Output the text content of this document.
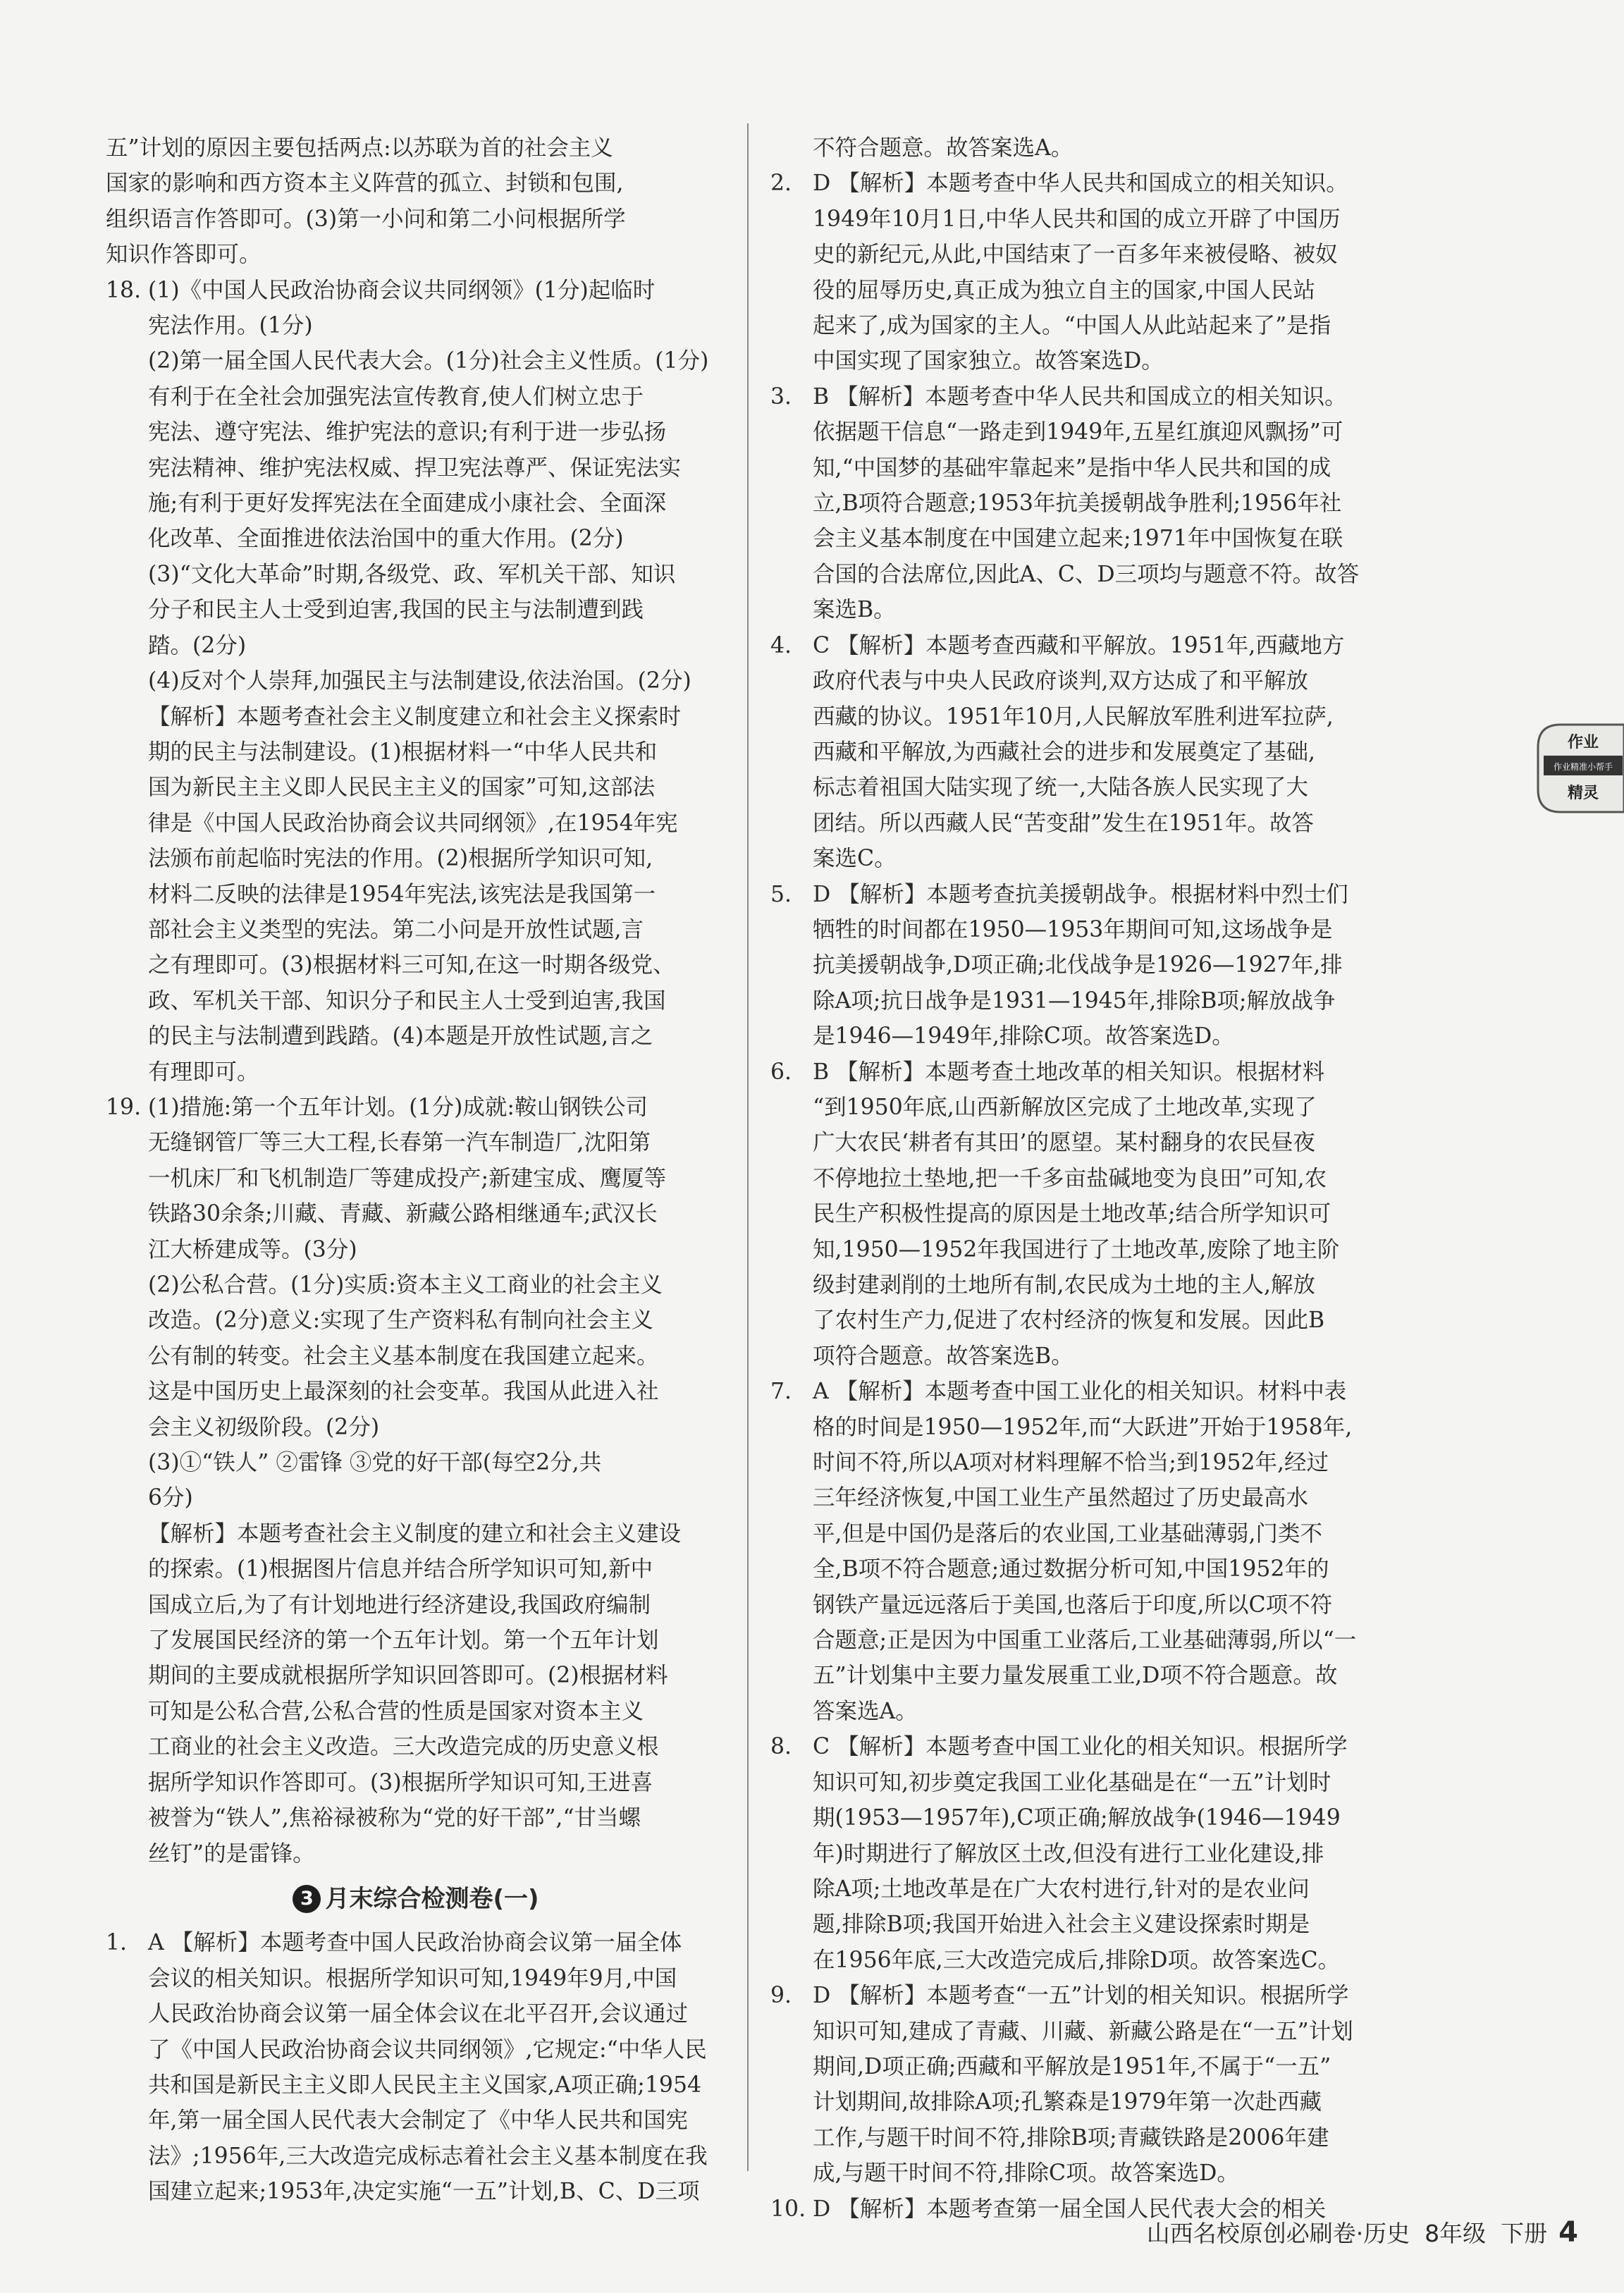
五”计划的原因主要包括两点:以苏联为首的社会主义

国家的影响和西方资本主义阵营的孤立、封锁和包围,

组织语言作答即可。(3)第一小问和第二小问根据所学

知识作答即可。

18. (1)《中国人民政治协商会议共同纲领》(1分)起临时

宪法作用。(1分)

(2)第一届全国人民代表大会。(1分)社会主义性质。(1分)

有利于在全社会加强宪法宣传教育,使人们树立忠于

宪法、遵守宪法、维护宪法的意识;有利于进一步弘扬

宪法精神、维护宪法权威、捍卫宪法尊严、保证宪法实

施;有利于更好发挥宪法在全面建成小康社会、全面深

化改革、全面推进依法治国中的重大作用。(2分)

(3)“文化大革命”时期,各级党、政、军机关干部、知识

分子和民主人士受到迫害,我国的民主与法制遭到践

踏。(2分)

(4)反对个人崇拜,加强民主与法制建设,依法治国。(2分)

【解析】本题考查社会主义制度建立和社会主义探索时

期的民主与法制建设。(1)根据材料一“中华人民共和

国为新民主主义即人民民主主义的国家”可知,这部法

律是《中国人民政治协商会议共同纲领》,在1954年宪

法颁布前起临时宪法的作用。(2)根据所学知识可知,

材料二反映的法律是1954年宪法,该宪法是我国第一

部社会主义类型的宪法。第二小问是开放性试题,言

之有理即可。(3)根据材料三可知,在这一时期各级党、

政、军机关干部、知识分子和民主人士受到迫害,我国

的民主与法制遭到践踏。(4)本题是开放性试题,言之

有理即可。

19. (1)措施:第一个五年计划。(1分)成就:鞍山钢铁公司

无缝钢管厂等三大工程,长春第一汽车制造厂,沈阳第

一机床厂和飞机制造厂等建成投产;新建宝成、鹰厦等

铁路30余条;川藏、青藏、新藏公路相继通车;武汉长

江大桥建成等。(3分)

(2)公私合营。(1分)实质:资本主义工商业的社会主义

改造。(2分)意义:实现了生产资料私有制向社会主义

公有制的转变。社会主义基本制度在我国建立起来。

这是中国历史上最深刻的社会变革。我国从此进入社

会主义初级阶段。(2分)

(3)①“铁人” ②雷锋 ③党的好干部(每空2分,共

6分)

【解析】本题考查社会主义制度的建立和社会主义建设

的探索。(1)根据图片信息并结合所学知识可知,新中

国成立后,为了有计划地进行经济建设,我国政府编制

了发展国民经济的第一个五年计划。第一个五年计划

期间的主要成就根据所学知识回答即可。(2)根据材料

可知是公私合营,公私合营的性质是国家对资本主义

工商业的社会主义改造。三大改造完成的历史意义根

据所学知识作答即可。(3)根据所学知识可知,王进喜

被誉为“铁人”,焦裕禄被称为“党的好干部”,“甘当螺

丝钉”的是雷锋。

3 月末综合检测卷(一)
1. A 【解析】本题考查中国人民政治协商会议第一届全体

会议的相关知识。根据所学知识可知,1949年9月,中国

人民政治协商会议第一届全体会议在北平召开,会议通过

了《中国人民政治协商会议共同纲领》,它规定:“中华人民

共和国是新民主主义即人民民主主义国家,A项正确;1954

年,第一届全国人民代表大会制定了《中华人民共和国宪

法》;1956年,三大改造完成标志着社会主义基本制度在我

国建立起来;1953年,决定实施“一五”计划,B、C、D三项

不符合题意。故答案选A。

2. D 【解析】本题考查中华人民共和国成立的相关知识。

1949年10月1日,中华人民共和国的成立开辟了中国历

史的新纪元,从此,中国结束了一百多年来被侵略、被奴

役的屈辱历史,真正成为独立自主的国家,中国人民站

起来了,成为国家的主人。“中国人从此站起来了”是指

中国实现了国家独立。故答案选D。

3. B 【解析】本题考查中华人民共和国成立的相关知识。

依据题干信息“一路走到1949年,五星红旗迎风飘扬”可

知,“中国梦的基础牢靠起来”是指中华人民共和国的成

立,B项符合题意;1953年抗美援朝战争胜利;1956年社

会主义基本制度在中国建立起来;1971年中国恢复在联

合国的合法席位,因此A、C、D三项均与题意不符。故答

案选B。

4. C 【解析】本题考查西藏和平解放。1951年,西藏地方

政府代表与中央人民政府谈判,双方达成了和平解放

西藏的协议。1951年10月,人民解放军胜利进军拉萨,

西藏和平解放,为西藏社会的进步和发展奠定了基础,

标志着祖国大陆实现了统一,大陆各族人民实现了大

团结。所以西藏人民“苦变甜”发生在1951年。故答

案选C。

5. D 【解析】本题考查抗美援朝战争。根据材料中烈士们

牺牲的时间都在1950—1953年期间可知,这场战争是

抗美援朝战争,D项正确;北伐战争是1926—1927年,排

除A项;抗日战争是1931—1945年,排除B项;解放战争

是1946—1949年,排除C项。故答案选D。

6. B 【解析】本题考查土地改革的相关知识。根据材料

“到1950年底,山西新解放区完成了土地改革,实现了

广大农民‘耕者有其田’的愿望。某村翻身的农民昼夜

不停地拉土垫地,把一千多亩盐碱地变为良田”可知,农

民生产积极性提高的原因是土地改革;结合所学知识可

知,1950—1952年我国进行了土地改革,废除了地主阶

级封建剥削的土地所有制,农民成为土地的主人,解放

了农村生产力,促进了农村经济的恢复和发展。因此B

项符合题意。故答案选B。

7. A 【解析】本题考查中国工业化的相关知识。材料中表

格的时间是1950—1952年,而“大跃进”开始于1958年,

时间不符,所以A项对材料理解不恰当;到1952年,经过

三年经济恢复,中国工业生产虽然超过了历史最高水

平,但是中国仍是落后的农业国,工业基础薄弱,门类不

全,B项不符合题意;通过数据分析可知,中国1952年的

钢铁产量远远落后于美国,也落后于印度,所以C项不符

合题意;正是因为中国重工业落后,工业基础薄弱,所以“一

五”计划集中主要力量发展重工业,D项不符合题意。故

答案选A。

8. C 【解析】本题考查中国工业化的相关知识。根据所学

知识可知,初步奠定我国工业化基础是在“一五”计划时

期(1953—1957年),C项正确;解放战争(1946—1949

年)时期进行了解放区土改,但没有进行工业化建设,排

除A项;土地改革是在广大农村进行,针对的是农业问

题,排除B项;我国开始进入社会主义建设探索时期是

在1956年底,三大改造完成后,排除D项。故答案选C。

9. D 【解析】本题考查“一五”计划的相关知识。根据所学

知识可知,建成了青藏、川藏、新藏公路是在“一五”计划

期间,D项正确;西藏和平解放是1951年,不属于“一五”

计划期间,故排除A项;孔繁森是1979年第一次赴西藏

工作,与题干时间不符,排除B项;青藏铁路是2006年建

成,与题干时间不符,排除C项。故答案选D。

10. D 【解析】本题考查第一届全国人民代表大会的相关

作业
作业精准小帮手
精灵
山西名校原创必刷卷·历史 8年级 下册 4
